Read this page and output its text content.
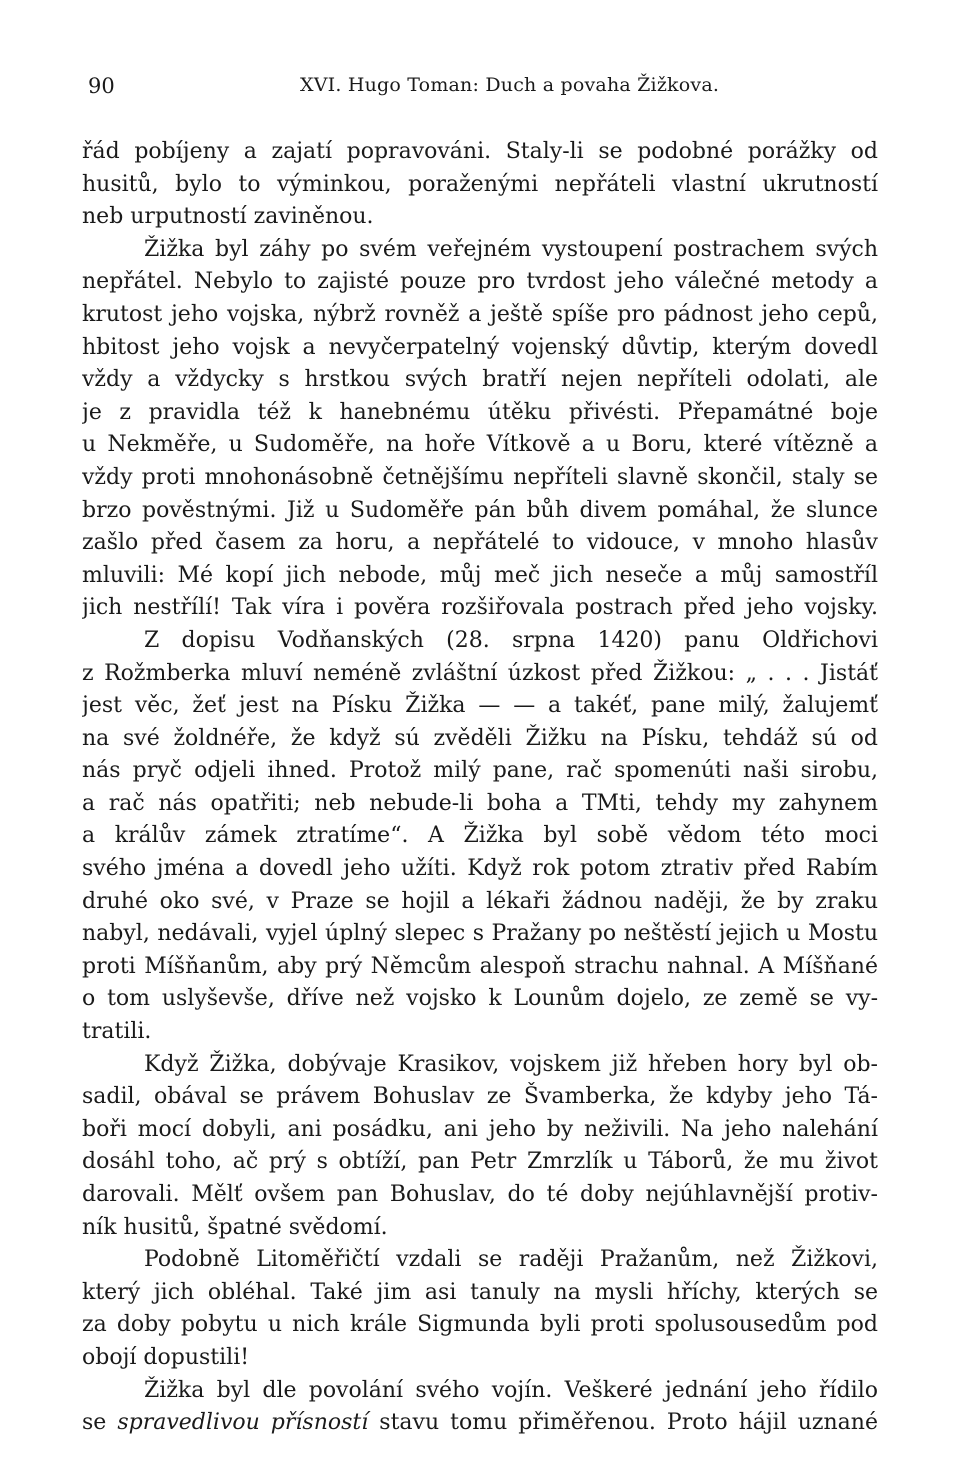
90	XVI. Hugo Toman: Duch a povaha Žižkova.
řád pobíjeny a zajatí popravováni. Staly-li se podobné porážky od
husitů, bylo to výminkou, poraženými nepřáteli vlastní ukrutností
neb urputností zaviněnou.
Žižka byl záhy po svém veřejném vystoupení postrachem svých
nepřátel. Nebylo to zajisté pouze pro tvrdost jeho válečné metody a
krutost jeho vojska, nýbrž rovněž a ještě spíše pro pádnost jeho cepů,
hbitost jeho vojsk a nevyčerpatelný vojenský důvtip, kterým dovedl
vždy a vždycky s hrstkou svých bratří nejen nepříteli odolati, ale
je z pravidla též k hanebnému útěku přivésti. Přepamátné boje
u Nekměře, u Sudoměře, na hoře Vítkově a u Boru, které vítězně a
vždy proti mnohonásobně četnějšímu nepříteli slavně skončil, staly se
brzo pověstnými. Již u Sudoměře pán bůh divem pomáhal, že slunce
zašlo před časem za horu, a nepřátelé to vidouce, v mnoho hlasův
mluvili: Mé kopí jich nebode, můj meč jich neseče a můj samostříl
jich nestřílí! Tak víra i pověra rozšiřovala postrach před jeho vojsky.
Z dopisu Vodňanských (28. srpna 1420) panu Oldřichovi
z Rožmberka mluví neméně zvláštní úzkost před Žižkou: „ . . . Jistáť
jest věc, žeť jest na Písku Žižka — — a takéť, pane milý, žalujemť
na své žoldnéře, že když sú zvěděli Žižku na Písku, tehdáž sú od
nás pryč odjeli ihned. Protož milý pane, rač spomenúti naši sirobu,
a rač nás opatřiti; neb nebude-li boha a TMti, tehdy my zahynem
a králův zámek ztratíme“. A Žižka byl sobě vědom této moci
svého jména a dovedl jeho užíti. Když rok potom ztrativ před Rabím
druhé oko své, v Praze se hojil a lékaři žádnou naději, že by zraku
nabyl, nedávali, vyjel úplný slepec s Pražany po neštěstí jejich u Mostu
proti Míšňanům, aby prý Němcům alespoň strachu nahnal. A Míšňané
o tom uslyševše, dříve než vojsko k Lounům dojelo, ze země se vy-
tratili.
Když Žižka, dobývaje Krasikov, vojskem již hřeben hory byl ob-
sadil, obával se právem Bohuslav ze Švamberka, že kdyby jeho Tá-
boři mocí dobyli, ani posádku, ani jeho by neživili. Na jeho nalehání
dosáhl toho, ač prý s obtíží, pan Petr Zmrzlík u Táborů, že mu život
darovali. Mělť ovšem pan Bohuslav, do té doby nejúhlavnější protiv-
ník husitů, špatné svědomí.
Podobně Litoměřičtí vzdali se raději Pražanům, než Žižkovi,
který jich obléhal. Také jim asi tanuly na mysli hříchy, kterých se
za doby pobytu u nich krále Sigmunda byli proti spolusousedům pod
obojí dopustili!
Žižka byl dle povolání svého vojín. Veškeré jednání jeho řídilo
se spravedlivou přísností stavu tomu přiměřenou. Proto hájil uznané
